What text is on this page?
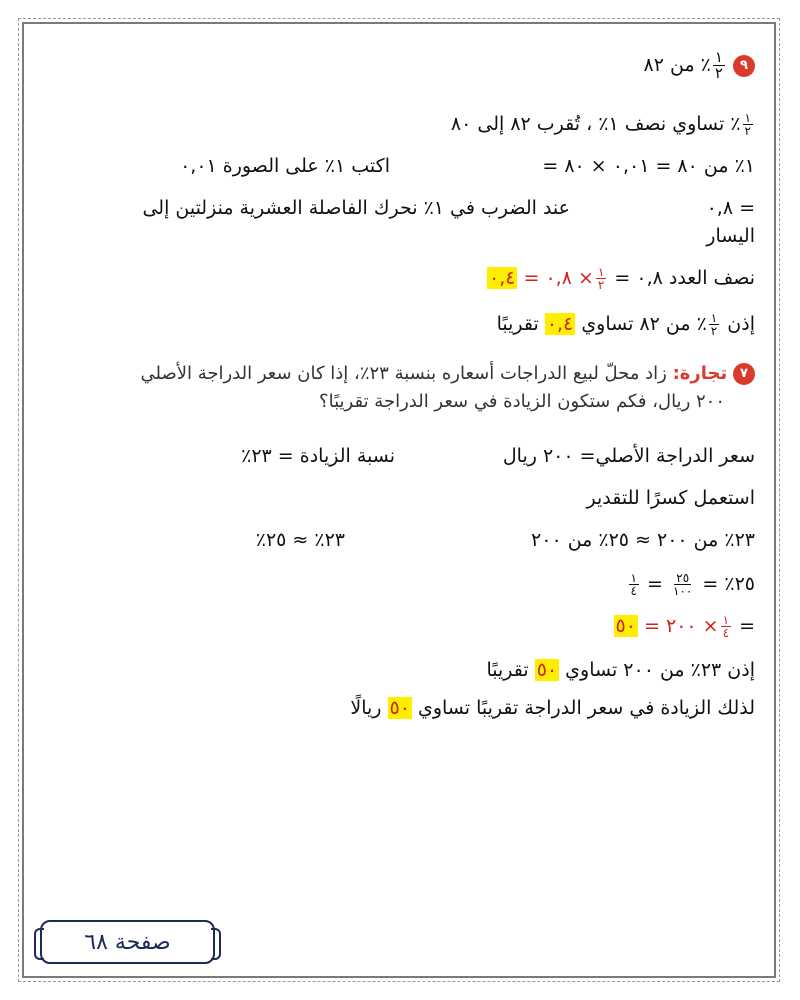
٩
$\frac{١}{٢}$
٪ من ٨٢
$\frac{١}{٢}$
٪ تساوي نصف ١٪ ، تُقرب ٨٢ إلى ٨٠
١٪ من ٨٠ = ٠,٠١ × ٨٠ =
اكتب ١٪ على الصورة ٠,٠١
= ٠,٨
عند الضرب في ١٪ نحرك الفاصلة العشرية منزلتين إلى
اليسار
نصف العدد ٠,٨ =
$\frac{١}{٢}$
× ٠,٨ = ٠,٤
إذن
$\frac{١}{٢}$
٪ من ٨٢ تساوي ٠,٤ تقريبًا
٧ تجارة: زاد محلّ لبيع الدراجات أسعاره بنسبة ٢٣٪، إذا كان سعر الدراجة الأصلي
٢٠٠ ريال، فكم ستكون الزيادة في سعر الدراجة تقريبًا؟
سعر الدراجة الأصلي= ٢٠٠ ريال
نسبة الزيادة = ٢٣٪
استعمل كسرًا للتقدير
٢٣٪ من ٢٠٠ ≈ ٢٥٪ من ٢٠٠
٢٣٪ ≈ ٢٥٪
٢٥٪ =
$\frac{٢٥}{١٠٠}$
=
$\frac{١}{٤}$
=
$\frac{١}{٤}$
× ٢٠٠ = ٥٠
إذن ٢٣٪ من ٢٠٠ تساوي ٥٠ تقريبًا
لذلك الزيادة في سعر الدراجة تقريبًا تساوي ٥٠ ريالًا
صفحة ٦٨
